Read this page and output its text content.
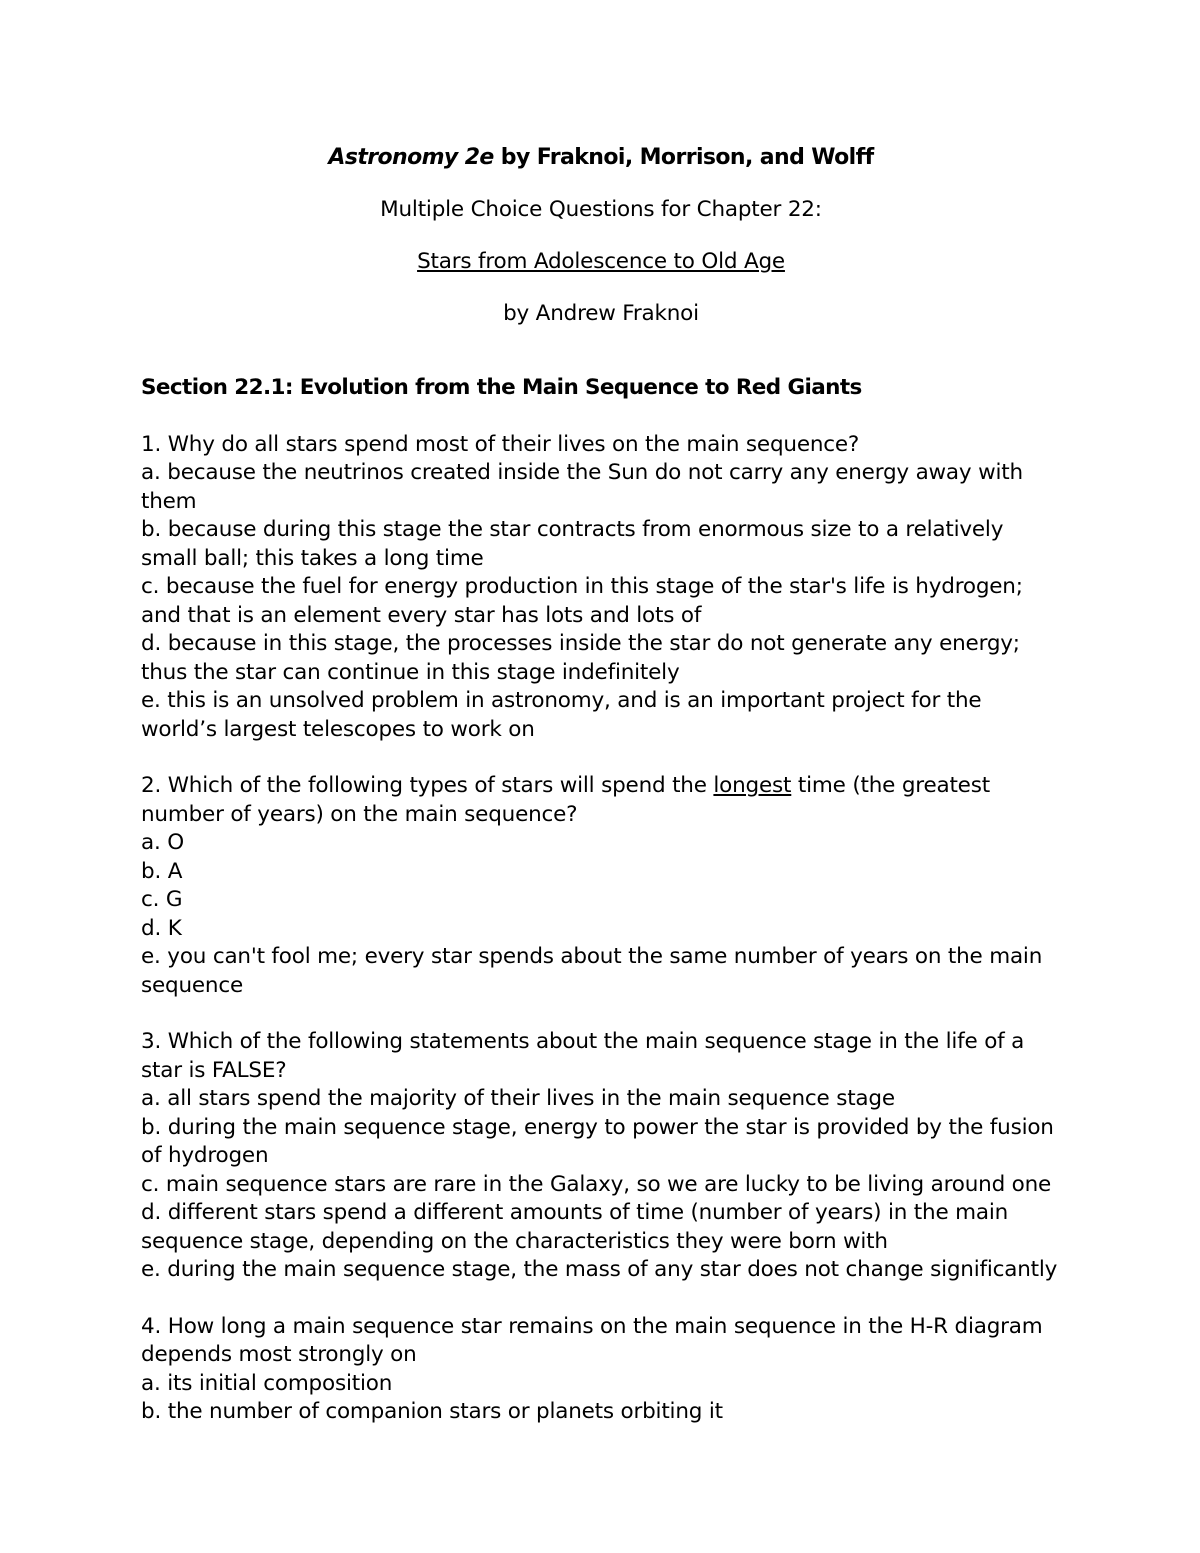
Astronomy 2e by Fraknoi, Morrison, and Wolff
Multiple Choice Questions for Chapter 22:
Stars from Adolescence to Old Age
by Andrew Fraknoi
Section 22.1: Evolution from the Main Sequence to Red Giants
1. Why do all stars spend most of their lives on the main sequence?
a. because the neutrinos created inside the Sun do not carry any energy away with them
b. because during this stage the star contracts from enormous size to a relatively small ball; this takes a long time
c. because the fuel for energy production in this stage of the star's life is hydrogen; and that is an element every star has lots and lots of
d. because in this stage, the processes inside the star do not generate any energy; thus the star can continue in this stage indefinitely
e. this is an unsolved problem in astronomy, and is an important project for the world’s largest telescopes to work on
2. Which of the following types of stars will spend the longest time (the greatest number of years) on the main sequence?
a. O
b. A
c. G
d. K
e. you can't fool me; every star spends about the same number of years on the main sequence
3. Which of the following statements about the main sequence stage in the life of a star is FALSE?
a. all stars spend the majority of their lives in the main sequence stage
b. during the main sequence stage, energy to power the star is provided by the fusion of hydrogen
c. main sequence stars are rare in the Galaxy, so we are lucky to be living around one
d. different stars spend a different amounts of time (number of years) in the main sequence stage, depending on the characteristics they were born with
e. during the main sequence stage, the mass of any star does not change significantly
4. How long a main sequence star remains on the main sequence in the H-R diagram depends most strongly on
a. its initial composition
b. the number of companion stars or planets orbiting it
